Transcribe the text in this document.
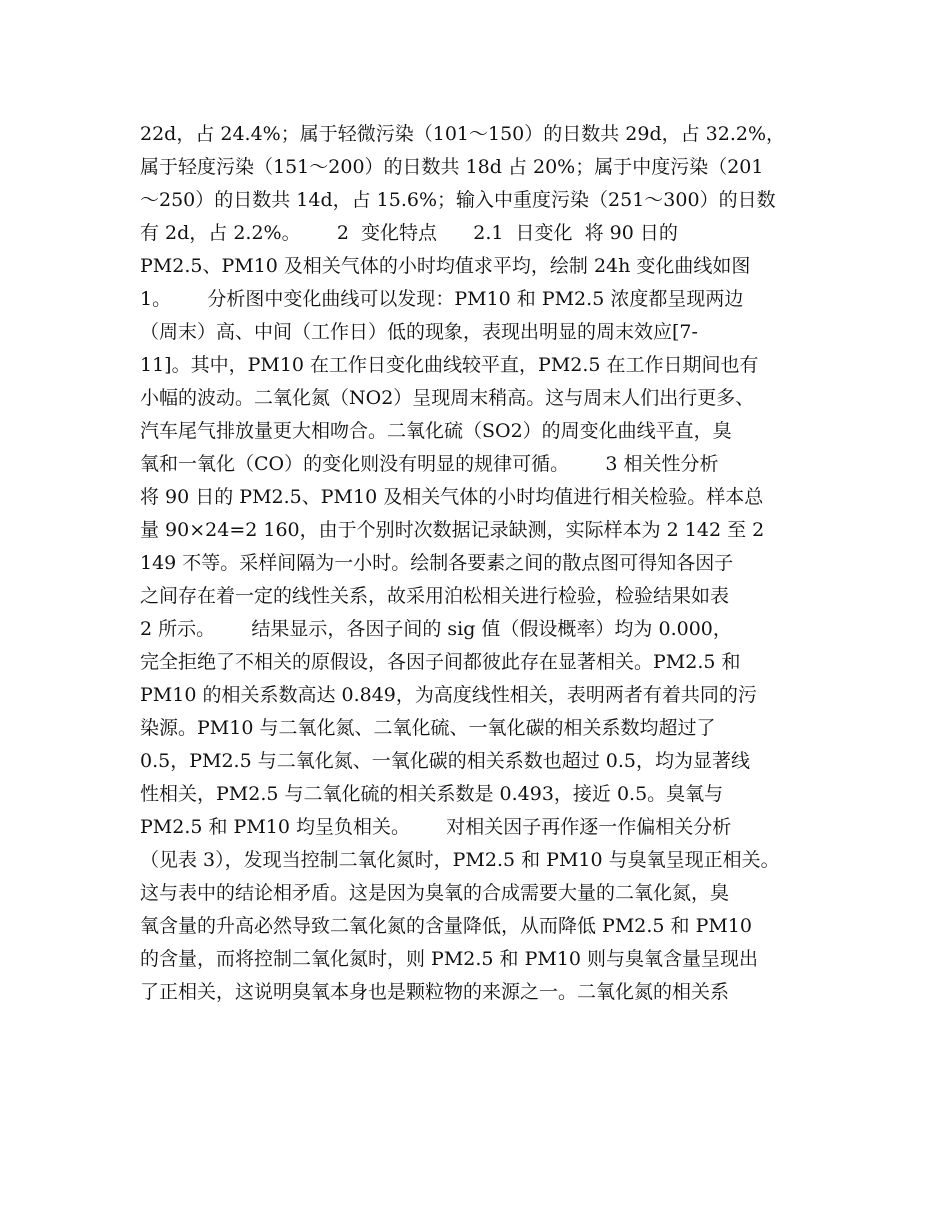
22d，占 24.4%；属于轻微污染（101～150）的日数共 29d，占 32.2%，
属于轻度污染（151～200）的日数共 18d 占 20%；属于中度污染（201
～250）的日数共 14d，占 15.6%；输入中重度污染（251～300）的日数
有 2d，占 2.2%。      2  变化特点      2.1  日变化  将 90 日的
PM2.5、PM10 及相关气体的小时均值求平均，绘制 24h 变化曲线如图
1。      分析图中变化曲线可以发现：PM10 和 PM2.5 浓度都呈现两边
（周末）高、中间（工作日）低的现象，表现出明显的周末效应[7-
11]。其中，PM10 在工作日变化曲线较平直，PM2.5 在工作日期间也有
小幅的波动。二氧化氮（NO2）呈现周末稍高。这与周末人们出行更多、
汽车尾气排放量更大相吻合。二氧化硫（SO2）的周变化曲线平直，臭
氧和一氧化（CO）的变化则没有明显的规律可循。      3 相关性分析
将 90 日的 PM2.5、PM10 及相关气体的小时均值进行相关检验。样本总
量 90×24=2 160，由于个别时次数据记录缺测，实际样本为 2 142 至 2
149 不等。采样间隔为一小时。绘制各要素之间的散点图可得知各因子
之间存在着一定的线性关系，故采用泊松相关进行检验，检验结果如表
2 所示。      结果显示，各因子间的 sig 值（假设概率）均为 0.000，
完全拒绝了不相关的原假设，各因子间都彼此存在显著相关。PM2.5 和
PM10 的相关系数高达 0.849，为高度线性相关，表明两者有着共同的污
染源。PM10 与二氧化氮、二氧化硫、一氧化碳的相关系数均超过了
0.5，PM2.5 与二氧化氮、一氧化碳的相关系数也超过 0.5，均为显著线
性相关，PM2.5 与二氧化硫的相关系数是 0.493，接近 0.5。臭氧与
PM2.5 和 PM10 均呈负相关。      对相关因子再作逐一作偏相关分析
（见表 3），发现当控制二氧化氮时，PM2.5 和 PM10 与臭氧呈现正相关。
这与表中的结论相矛盾。这是因为臭氧的合成需要大量的二氧化氮，臭
氧含量的升高必然导致二氧化氮的含量降低，从而降低 PM2.5 和 PM10
的含量，而将控制二氧化氮时，则 PM2.5 和 PM10 则与臭氧含量呈现出
了正相关，这说明臭氧本身也是颗粒物的来源之一。二氧化氮的相关系
